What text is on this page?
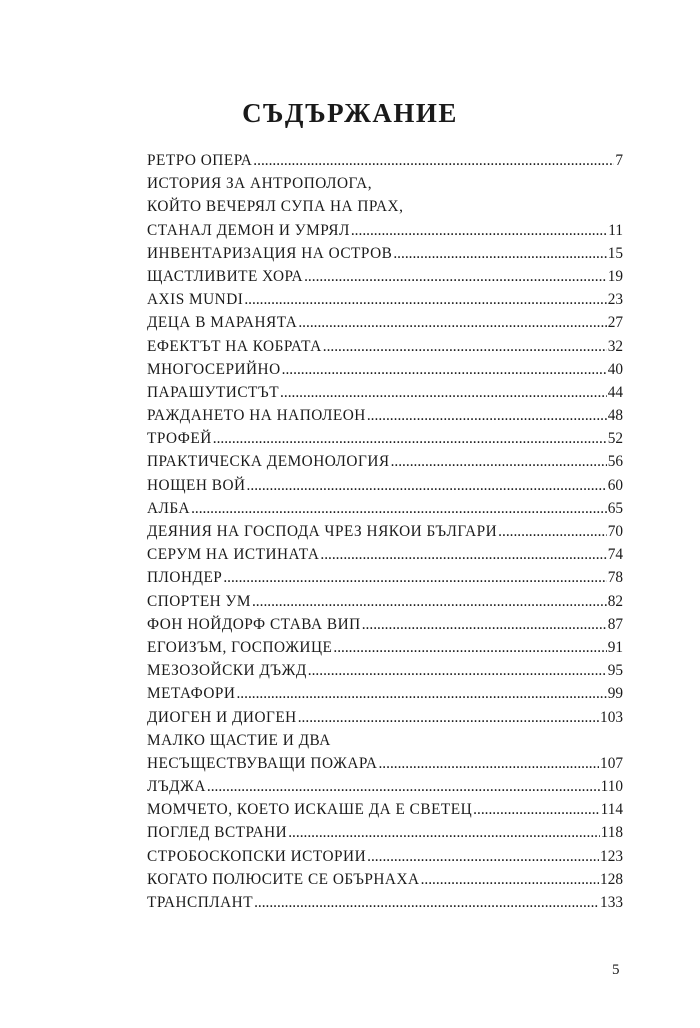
СЪДЪРЖАНИЕ
РЕТРО ОПЕРА .....	7
ИСТОРИЯ ЗА АНТРОПОЛОГА,
КОЙТО ВЕЧЕРЯЛ СУПА НА ПРАХ,
СТАНАЛ ДЕМОН И УМРЯЛ .....	11
ИНВЕНТАРИЗАЦИЯ НА ОСТРОВ .....	15
ЩАСТЛИВИТЕ ХОРА .....	19
AXIS MUNDI .....	23
ДЕЦА В МАРАНЯТА .....	27
ЕФЕКТЪТ НА КОБРАТА .....	32
МНОГОСЕРИЙНО .....	40
ПАРАШУТИСТЪТ .....	44
РАЖДАНЕТО НА НАПОЛЕОН .....	48
ТРОФЕЙ .....	52
ПРАКТИЧЕСКА ДЕМОНОЛОГИЯ .....	56
НОЩЕН ВОЙ .....	60
АЛБА .....	65
ДЕЯНИЯ НА ГОСПОДА ЧРЕЗ НЯКОИ БЪЛГАРИ .....	70
СЕРУМ НА ИСТИНАТА .....	74
ПЛОНДЕР .....	78
СПОРТЕН УМ .....	82
ФОН НОЙДОРФ СТАВА ВИП .....	87
ЕГОИЗЪМ, ГОСПОЖИЦЕ .....	91
МЕЗОЗОЙСКИ ДЪЖД .....	95
МЕТАФОРИ .....	99
ДИОГЕН И ДИОГЕН .....	103
МАЛКО ЩАСТИЕ И ДВА
НЕСЪЩЕСТВУВАЩИ ПОЖАРА .....	107
ЛЪДЖА .....	110
МОМЧЕТО, КОЕТО ИСКАШЕ ДА Е СВЕТЕЦ .....	114
ПОГЛЕД ВСТРАНИ .....	118
СТРОБОСКОПСКИ ИСТОРИИ .....	123
КОГАТО ПОЛЮСИТЕ СЕ ОБЪРНАХА .....	128
ТРАНСПЛАНТ .....	133
5
